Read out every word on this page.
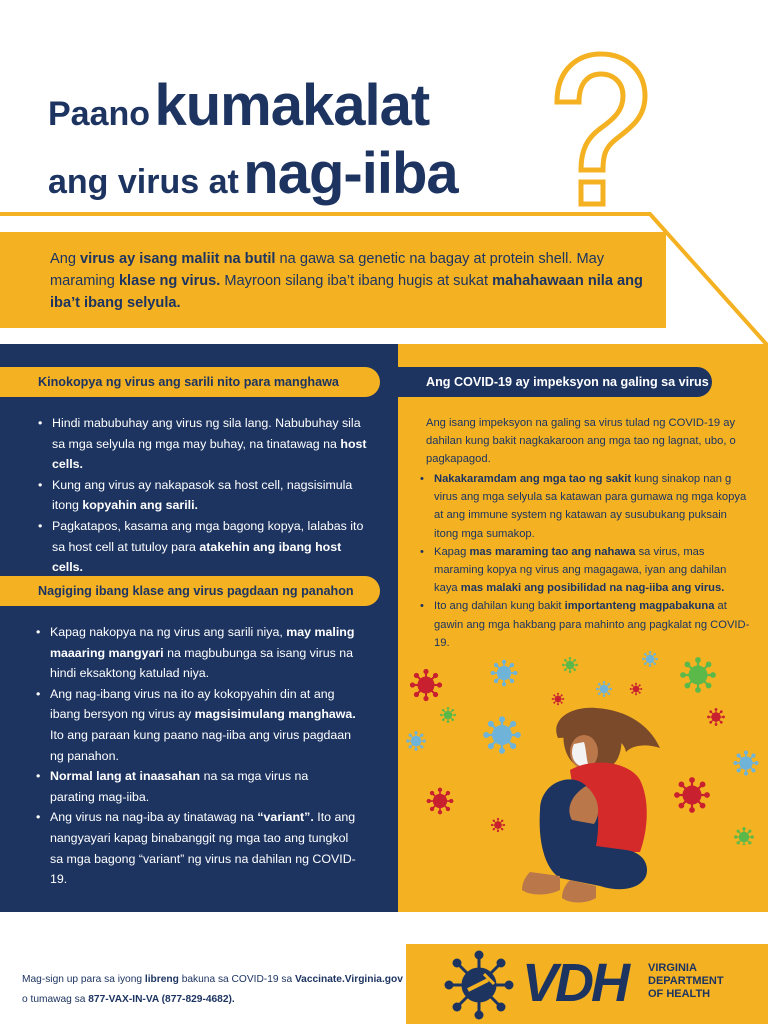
Paano kumakalat
ang virus at nag-iiba
Ang virus ay isang maliit na butil na gawa sa genetic na bagay at protein shell. May maraming klase ng virus. Mayroon silang iba’t ibang hugis at sukat mahahawaan nila ang iba’t ibang selyula.
Kinokopya ng virus ang sarili nito para manghawa
• Hindi mabubuhay ang virus ng sila lang. Nabubuhay sila sa mga selyula ng mga may buhay, na tinatawag na host cells.
• Kung ang virus ay nakapasok sa host cell, nagsisimula itong kopyahin ang sarili.
• Pagkatapos, kasama ang mga bagong kopya, lalabas ito sa host cell at tutuloy para atakehin ang ibang host cells.
Nagiging ibang klase ang virus pagdaan ng panahon
• Kapag nakopya na ng virus ang sarili niya, may maling maaaring mangyari na magbubunga sa isang virus na hindi eksaktong katulad niya.
• Ang nag-ibang virus na ito ay kokopyahin din at ang ibang bersyon ng virus ay magsisimulang manghawa. Ito ang paraan kung paano nag-iiba ang virus pagdaan ng panahon.
• Normal lang at inaasahan na sa mga virus na parating mag-iiba.
• Ang virus na nag-iba ay tinatawag na “variant”. Ito ang nangyayari kapag binabanggit ng mga tao ang tungkol sa mga bagong “variant” ng virus na dahilan ng COVID-19.
Ang COVID-19 ay impeksyon na galing sa virus
Ang isang impeksyon na galing sa virus tulad ng COVID-19 ay dahilan kung bakit nagkakaroon ang mga tao ng lagnat, ubo, o pagkapagod.
• Nakakaramdam ang mga tao ng sakit kung sinakop nan g virus ang mga selyula sa katawan para gumawa ng mga kopya at ang immune system ng katawan ay susubukang puksain itong mga sumakop.
• Kapag mas maraming tao ang nahawa sa virus, mas maraming kopya ng virus ang magagawa, iyan ang dahilan kaya mas malaki ang posibilidad na nag-iiba ang virus.
• Ito ang dahilan kung bakit importanteng magpabakuna at gawin ang mga hakbang para mahinto ang pagkalat ng COVID-19.
Mag-sign up para sa iyong libreng bakuna sa COVID-19 sa Vaccinate.Virginia.gov
o tumawag sa 877-VAX-IN-VA (877-829-4682).	VDH VIRGINIA
DEPARTMENT
OF HEALTH
